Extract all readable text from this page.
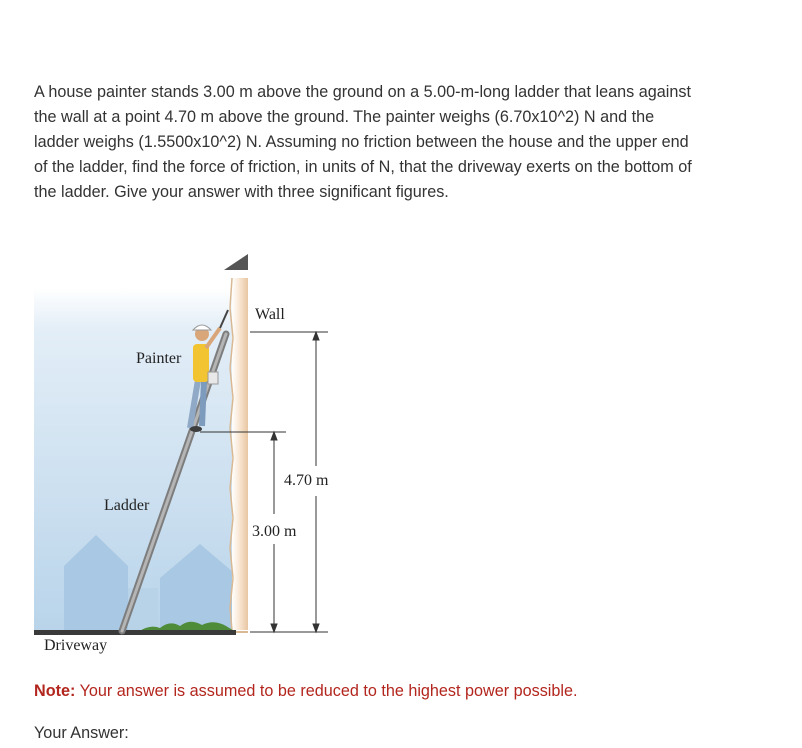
A house painter stands 3.00 m above the ground on a 5.00-m-long ladder that leans against the wall at a point 4.70 m above the ground. The painter weighs (6.70x10^2) N and the ladder weighs (1.5500x10^2) N. Assuming no friction between the house and the upper end of the ladder, find the force of friction, in units of N, that the driveway exerts on the bottom of the ladder. Give your answer with three significant figures.
Wall
Painter
Ladder
Driveway
4.70 m
3.00 m
Note: Your answer is assumed to be reduced to the highest power possible.
Your Answer:
